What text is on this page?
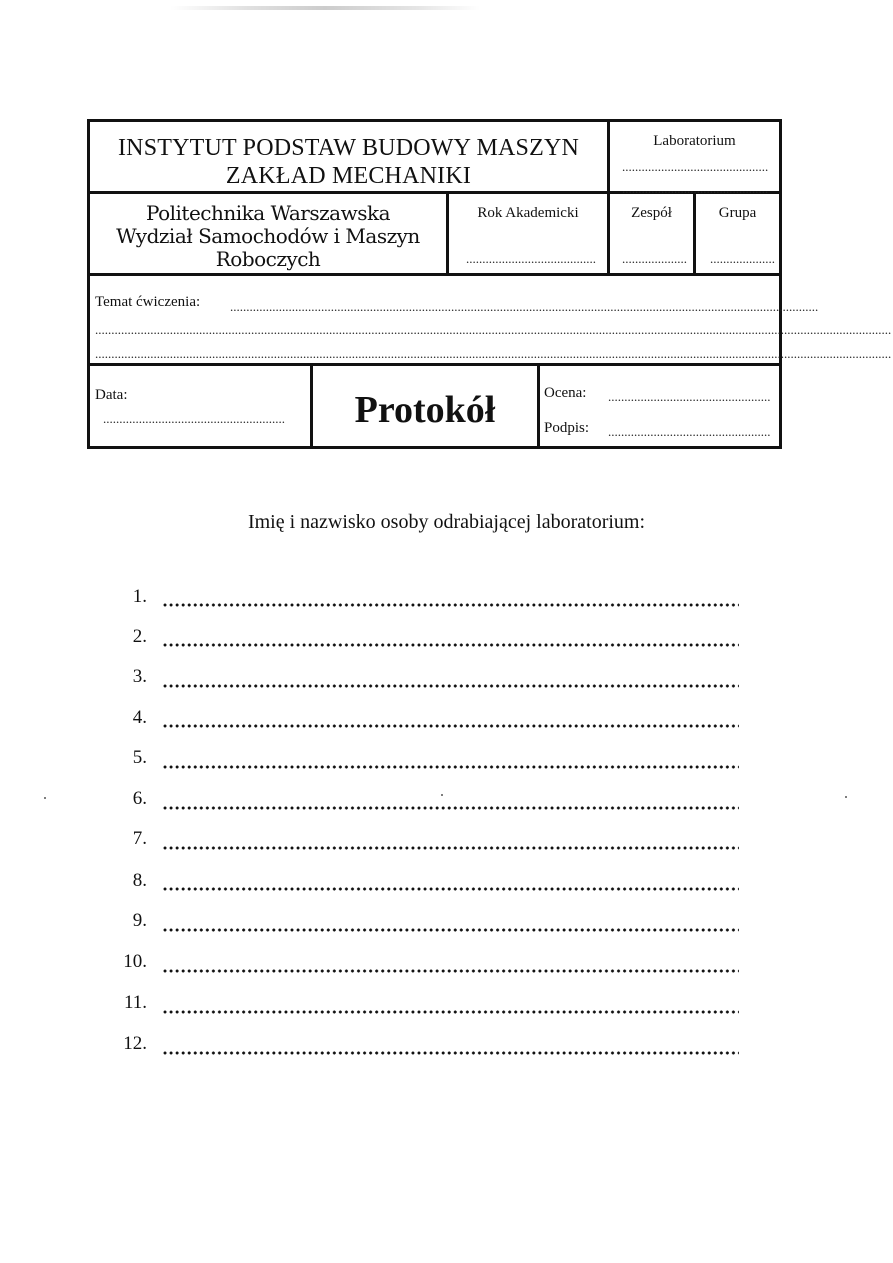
INSTYTUT PODSTAW BUDOWY MASZYN
ZAKŁAD MECHANIKI
Laboratorium
.............................................
.............................................
Politechnika Warszawska
Wydział Samochodów i Maszyn
Roboczych
Rok Akademicki
........................................
Zespół
....................
Grupa
....................
Temat ćwiczenia: .....................................................................................................................................................................................
.....................................................................................................................................................................................................................................................
.....................................................................................................................................................................................................................................................
Data:
........................................................	Protokół	Ocena: ..................................................
Podpis: ..................................................
Imię i nazwisko osoby odrabiającej laboratorium:
1.
2.
3.
4.
5.
6.
7.
8.
9.
10.
11.
12.
